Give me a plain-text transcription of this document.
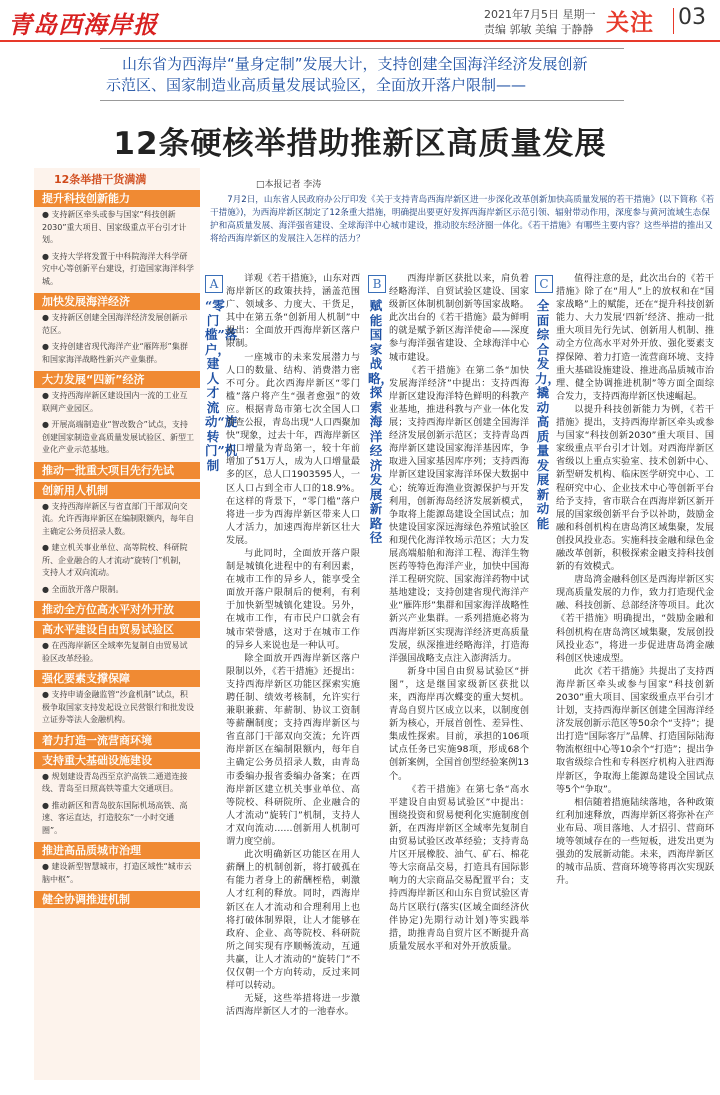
青岛西海岸报	2021年7月5日 星期一
责编 郭敏 美编 于静静 关注 03
山东省为西海岸“量身定制”发展大计，支持创建全国海洋经济发展创新
示范区、国家制造业高质量发展试验区，全面放开落户限制——
12条硬核举措助推新区高质量发展
12条举措干货满满
提升科技创新能力
● 支持新区牵头或参与国家“科技创新2030”重大项目、国家级重点平台引才计划。
● 支持大学将发置于中科院海洋大科学研究中心等创新平台建设，打造国家海洋科学城。
加快发展海洋经济
● 支持新区创建全国海洋经济发展创新示范区。
● 支持创建省现代海洋产业“雁阵形”集群和国家海洋战略性新兴产业集群。
大力发展“四新”经济
● 支持西海岸新区建设国内一流的工业互联网产业园区。
● 开展高端制造业“智改数合”试点，支持创建国家制造业高质量发展试验区、新型工业化产业示范基地。
推动一批重大项目先行先试
创新用人机制
● 支持西海岸新区与省直部门干部双向交流。允许西海岸新区在编制限额内，每年自主确定公务员招录人数。
● 建立机关事业单位、高等院校、科研院所、企业融合的人才流动“旋转门”机制，支持人才双向流动。
● 全面放开落户限制。
推动全方位高水平对外开放
高水平建设自由贸易试验区
● 在西海岸新区全域率先复制自由贸易试验区改革经验。
强化要素支撑保障
● 支持申请金融监管“沙盒机制”试点，积极争取国家支持发起设立民营银行和批发设立证券等法人金融机构。
着力打造一流营商环境
支持重大基础设施建设
● 规划建设青岛西至京沪高铁二通道连接线、青岛至日照高铁等重大交通项目。
● 推动新区和青岛胶东国际机场高铁、高速、客运直达，打造胶东“一小时交通圈”。
推进高品质城市治理
● 建设新型智慧城市，打造区域性“城市云脑中枢”。
健全协调推进机制
□本报记者 李涛
7月2日，山东省人民政府办公厅印发《关于支持青岛西海岸新区进一步深化改革创新加快高质量发展的若干措施》(以下简称《若干措施》)，为西海岸新区制定了12条重大措施，明确提出要更好发挥西海岸新区示范引领、辐射带动作用，深度参与黄河流域生态保护和高质量发展、海洋强省建设、全球海洋中心城市建设，推动胶东经济圈一体化。《若干措施》有哪些主要内容？这些举措的推出又将给西海岸新区的发展注入怎样的活力？
A
“零门槛”落户，建人才流动“旋转门”机制

详观《若干措施》，山东对西海岸新区的政策扶持，涵盖范围广、领域多、力度大、干货足，其中在第五条“创新用人机制”中提出：全面放开西海岸新区落户限制。

一座城市的未来发展潜力与人口的数量、结构、消费潜力密不可分。此次西海岸新区“零门槛”落户将产生“强者愈强”的效应。根据青岛市第七次全国人口普查公报，青岛出现“人口西聚加快”现象，过去十年，西海岸新区人口增量为青岛第一，较十年前增加了51万人，成为人口增量最多的区，总人口1903595人，一区人口占到全市人口的18.9%。在这样的背景下，“零门槛”落户将进一步为西海岸新区带来人口人才活力，加速西海岸新区壮大发展。

与此同时，全面放开落户限制是城镇化进程中的有利因素，在城市工作的异乡人，能享受全面放开落户限制后的便利，有利于加快新型城镇化建设。另外，在城市工作，有市民户口就会有城市荣誉感，这对于在城市工作的异乡人来说也是一种认可。

除全面放开西海岸新区落户限制以外，《若干措施》还提出：支持西海岸新区功能区探索实施聘任制、绩效考核制，允许实行兼职兼薪、年薪制、协议工资制等薪酬制度；支持西海岸新区与省直部门干部双向交流；允许西海岸新区在编制限额内，每年自主确定公务员招录人数，由青岛市委编办报省委编办备案；在西海岸新区建立机关事业单位、高等院校、科研院所、企业融合的人才流动“旋转门”机制，支持人才双向流动……创新用人机制可谓力度空前。

此次明确新区功能区在用人薪酬上的机制创新，将打破孤在有能力者身上的薪酬桎梏，刺激人才红利的释放。同时，西海岸新区在人才流动和合理利用上也将打破体制界限，让人才能够在政府、企业、高等院校、科研院所之间实现有序顺畅流动，互通共赢，让人才流动的“旋转门”不仅仅朝一个方向转动，反过来同样可以转动。

无疑，这些举措将进一步激活西海岸新区人才的一池春水。

B
赋能国家战略，探索海洋经济发展新路径

西海岸新区获批以来，肩负着经略海洋、自贸试验区建设、国家级新区体制机制创新等国家战略。此次出台的《若干措施》最为鲜明的就是赋予新区海洋使命——深度参与海洋强省建设、全球海洋中心城市建设。

《若干措施》在第二条“加快发展海洋经济”中提出：支持西海岸新区建设海洋特色鲜明的科教产业基地，推进科教与产业一体化发展；支持西海岸新区创建全国海洋经济发展创新示范区；支持青岛西海岸新区建设国家海洋基因库，争取进入国家基因库序列；支持西海岸新区建设国家海洋环保大数据中心；统筹近海渔业资源保护与开发利用，创新海岛经济发展新模式，争取将上能源岛建设全国试点；加快建设国家深远海绿色养殖试验区和现代化海洋牧场示范区；大力发展高端船舶和海洋工程、海洋生物医药等特色海洋产业，加快中国海洋工程研究院、国家海洋药物中试基地建设；支持创建省现代海洋产业“雁阵形”集群和国家海洋战略性新兴产业集群。一系列措施必将为西海岸新区实现海洋经济更高质量发展，纵深推进经略海洋，打造海洋强国战略支点注入澎湃活力。

新身中国自由贸易试验区“拼图”，这是继国家级新区获批以来，西海岸再次蝶变的重大契机。青岛自贸片区成立以来，以制度创新为核心，开展首创性、差异性、集成性探索。目前，承担的106项试点任务已实施98项，形成68个创新案例，全国首创型经验案例13个。

《若干措施》在第七条“高水平建设自由贸易试验区”中提出：围绕投资和贸易便利化实施制度创新，在西海岸新区全域率先复制自由贸易试验区改革经验；支持青岛片区开展橡胶、油气、矿石、棉花等大宗商品交易，打造具有国际影响力的大宗商品交易配置平台；支持西海岸新区和山东自贸试验区青岛片区联行(落实(区域全面经济伙伴协定)先期行动计划)等实践举措，助推青岛自贸片区不断提升高质量发展水平和对外开放质量。

C
全面综合发力，撬动高质量发展新动能

值得注意的是，此次出台的《若干措施》除了在“用人”上的放权和在“国家战略”上的赋能，还在“提升科技创新能力、大力发展‘四新’经济、推动一批重大项目先行先试、创新用人机制、推动全方位高水平对外开放、强化要素支撑保障、着力打造一流营商环境、支持重大基础设施建设、推进高品质城市治理、健全协调推进机制”等方面全面综合发力，支持西海岸新区快速崛起。

以提升科技创新能力为例，《若干措施》提出，支持西海岸新区牵头或参与国家“科技创新2030”重大项目、国家级重点平台引才计划。对西海岸新区省级以上重点实验室、技术创新中心、新型研发机构、临床医学研究中心、工程研究中心、企业技术中心等创新平台给予支持，省市联合在西海岸新区新开展的国家级创新平台予以补助，鼓励金融和科创机构在唐岛湾区域集聚，发展创投风投业态。实施科技金融和绿色金融改革创新，积极探索金融支持科技创新的有效模式。

唐岛湾金融科创区是西海岸新区实现高质量发展的力作，致力打造现代金融、科技创新、总部经济等项目。此次《若干措施》明确提出，“鼓励金融和科创机构在唐岛湾区域集聚，发展创投风投业态”，将进一步促进唐岛湾金融科创区快速成型。

此次《若干措施》共提出了支持西海岸新区牵头或参与国家“科技创新2030”重大项目、国家级重点平台引才计划，支持西海岸新区创建全国海洋经济发展创新示范区等50余个“支持”；提出打造“国际客厅”品牌、打造国际陆海物流枢纽中心等10余个“打造”；提出争取省级综合性和专科医疗机构入驻西海岸新区，争取海上能源岛建设全国试点等5个“争取”。

相信随着措施陆续落地，各种政策红利加速释放，西海岸新区将弥补在产业布局、项目落地、人才招引、营商环境等领域存在的一些短板，进发出更为强劲的发展新动能。未来，西海岸新区的城市品质、营商环境等将再次实现跃升。
